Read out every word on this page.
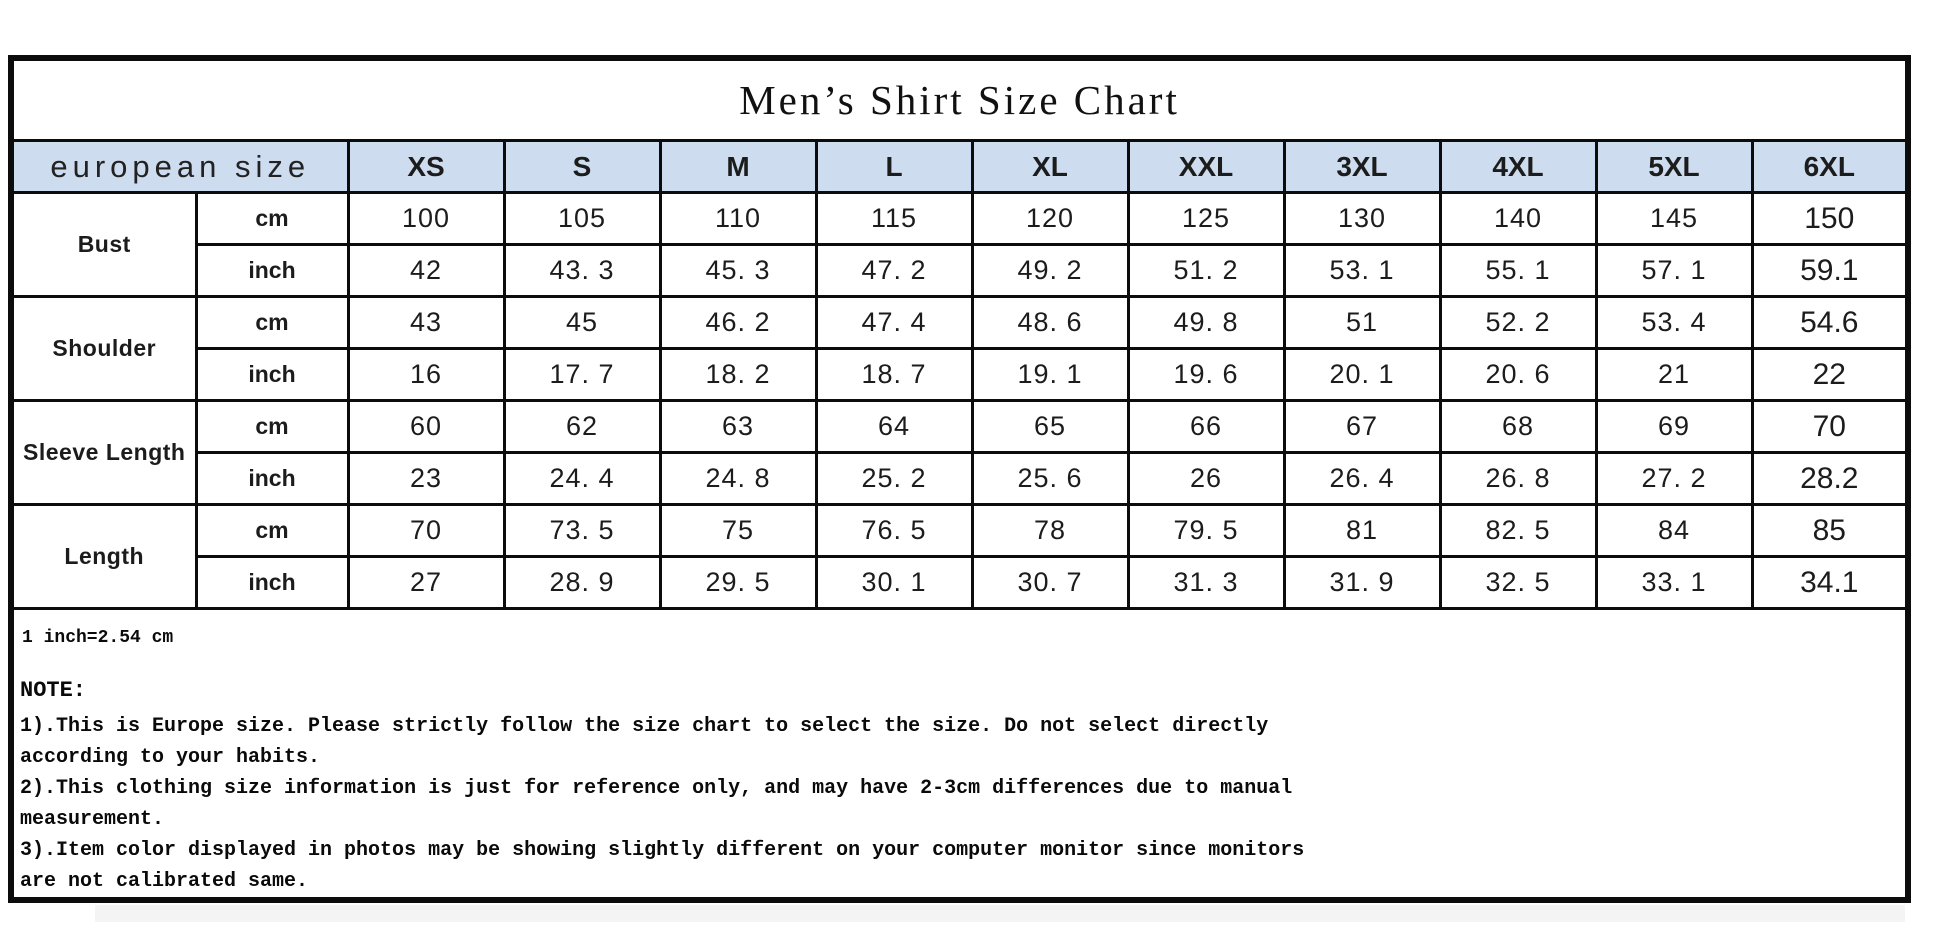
Men’s Shirt Size Chart											
european size		XS	S	M	L	XL	XXL	3XL	4XL	5XL	6XL
Bust	cm	100	105	110	115	120	125	130	140	145	150
	inch	42	43. 3	45. 3	47. 2	49. 2	51. 2	53. 1	55. 1	57. 1	59.1
Shoulder	cm	43	45	46. 2	47. 4	48. 6	49. 8	51	52. 2	53. 4	54.6
	inch	16	17. 7	18. 2	18. 7	19. 1	19. 6	20. 1	20. 6	21	22
Sleeve Length	cm	60	62	63	64	65	66	67	68	69	70
	inch	23	24. 4	24. 8	25. 2	25. 6	26	26. 4	26. 8	27. 2	28.2
Length	cm	70	73. 5	75	76. 5	78	79. 5	81	82. 5	84	85
	inch	27	28. 9	29. 5	30. 1	30. 7	31. 3	31. 9	32. 5	33. 1	34.1

1 inch=2.54 cm
NOTE:
1).This is Europe size. Please strictly follow the size chart to select the size. Do not select directly
according to your habits.
2).This clothing size information is just for reference only, and may have 2-3cm differences due to manual
measurement.
3).Item color displayed in photos may be showing slightly different on your computer monitor since monitors
are not calibrated same.
